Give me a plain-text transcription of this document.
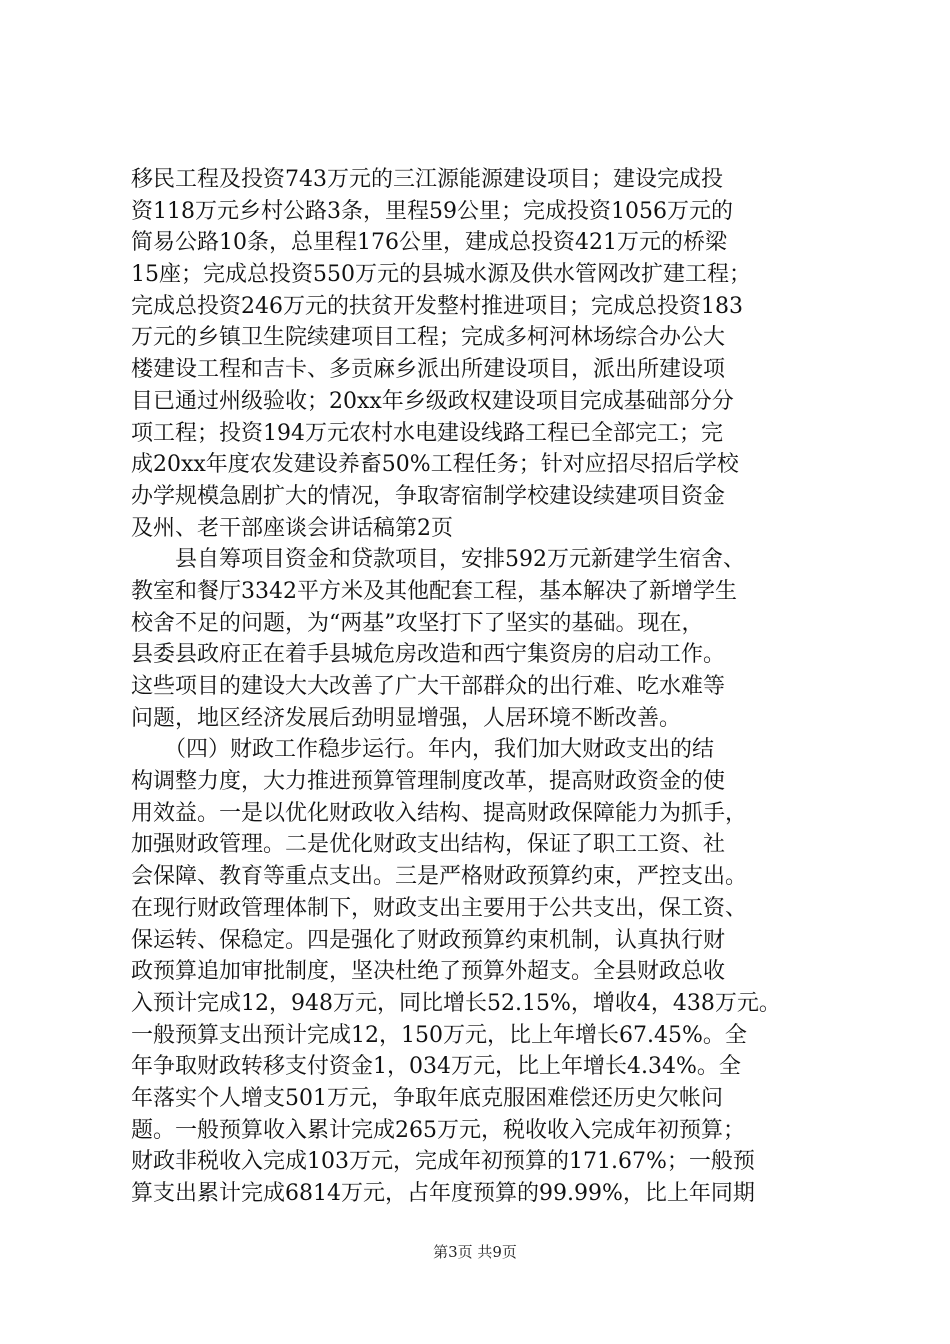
移民工程及投资743万元的三江源能源建设项目；建设完成投
资118万元乡村公路3条，里程59公里；完成投资1056万元的
简易公路10条，总里程176公里，建成总投资421万元的桥梁
15座；完成总投资550万元的县城水源及供水管网改扩建工程；
完成总投资246万元的扶贫开发整村推进项目；完成总投资183
万元的乡镇卫生院续建项目工程；完成多柯河林场综合办公大
楼建设工程和吉卡、多贡麻乡派出所建设项目，派出所建设项
目已通过州级验收；20xx年乡级政权建设项目完成基础部分分
项工程；投资194万元农村水电建设线路工程已全部完工；完
成20xx年度农发建设养畜50%工程任务；针对应招尽招后学校
办学规模急剧扩大的情况，争取寄宿制学校建设续建项目资金
及州、老干部座谈会讲话稿第2页
　　县自筹项目资金和贷款项目，安排592万元新建学生宿舍、
教室和餐厅3342平方米及其他配套工程，基本解决了新增学生
校舍不足的问题，为“两基”攻坚打下了坚实的基础。现在，
县委县政府正在着手县城危房改造和西宁集资房的启动工作。
这些项目的建设大大改善了广大干部群众的出行难、吃水难等
问题，地区经济发展后劲明显增强，人居环境不断改善。
　　（四）财政工作稳步运行。年内，我们加大财政支出的结
构调整力度，大力推进预算管理制度改革，提高财政资金的使
用效益。一是以优化财政收入结构、提高财政保障能力为抓手，
加强财政管理。二是优化财政支出结构，保证了职工工资、社
会保障、教育等重点支出。三是严格财政预算约束，严控支出。
在现行财政管理体制下，财政支出主要用于公共支出，保工资、
保运转、保稳定。四是强化了财政预算约束机制，认真执行财
政预算追加审批制度，坚决杜绝了预算外超支。全县财政总收
入预计完成12，948万元，同比增长52.15%，增收4，438万元。
一般预算支出预计完成12，150万元，比上年增长67.45%。全
年争取财政转移支付资金1，034万元，比上年增长4.34%。全
年落实个人增支501万元，争取年底克服困难偿还历史欠帐问
题。一般预算收入累计完成265万元，税收收入完成年初预算；
财政非税收入完成103万元，完成年初预算的171.67%；一般预
算支出累计完成6814万元，占年度预算的99.99%，比上年同期
第3页 共9页
